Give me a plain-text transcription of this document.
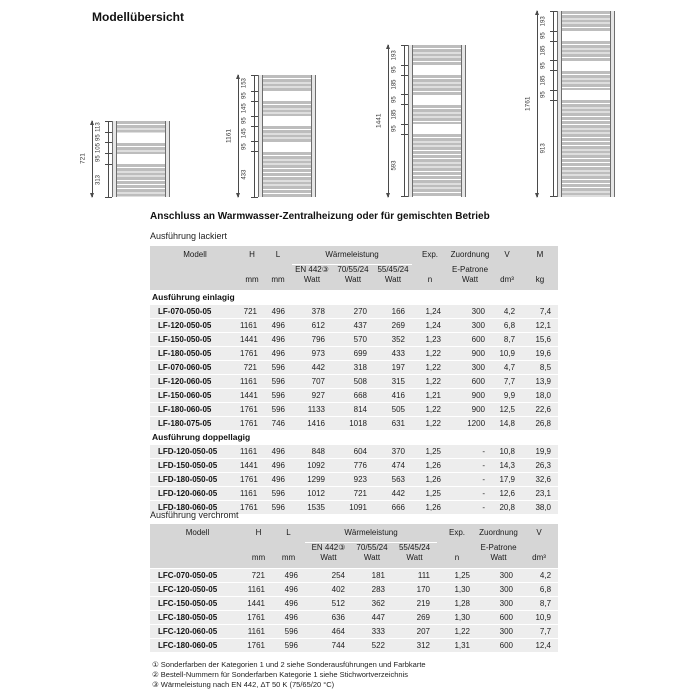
Modellübersicht
721
113
95
105
95
313
1161
153
95
145
95
145
95
433
1441
193
95
185
95
185
95
593
1761
193
95
185
95
185
95
913
Anschluss an Warmwasser-Zentralheizung oder für gemischten Betrieb
Ausführung lackiert
Modell	H	L	Wärmeleistung			Exp.	Zuordnung	V	M
			EN 442③	70/55/24	55/45/24		E-Patrone		
	mm	mm	Watt	Watt	Watt	n	Watt	dm³	kg
Ausführung einlagig									
LF-070-050-05	721	496	378	270	166	1,24	300	4,2	7,4
LF-120-050-05	1161	496	612	437	269	1,24	300	6,8	12,1
LF-150-050-05	1441	496	796	570	352	1,23	600	8,7	15,6
LF-180-050-05	1761	496	973	699	433	1,22	900	10,9	19,6
LF-070-060-05	721	596	442	318	197	1,22	300	4,7	8,5
LF-120-060-05	1161	596	707	508	315	1,22	600	7,7	13,9
LF-150-060-05	1441	596	927	668	416	1,21	900	9,9	18,0
LF-180-060-05	1761	596	1133	814	505	1,22	900	12,5	22,6
LF-180-075-05	1761	746	1416	1018	631	1,22	1200	14,8	26,8
Ausführung doppellagig									
LFD-120-050-05	1161	496	848	604	370	1,25	-	10,8	19,9
LFD-150-050-05	1441	496	1092	776	474	1,26	-	14,3	26,3
LFD-180-050-05	1761	496	1299	923	563	1,26	-	17,9	32,6
LFD-120-060-05	1161	596	1012	721	442	1,25	-	12,6	23,1
LFD-180-060-05	1761	596	1535	1091	666	1,26	-	20,8	38,0
Ausführung verchromt
Modell	H	L	Wärmeleistung			Exp.	Zuordnung	V
			EN 442③	70/55/24	55/45/24		E-Patrone	
	mm	mm	Watt	Watt	Watt	n	Watt	dm³
LFC-070-050-05	721	496	254	181	111	1,25	300	4,2
LFC-120-050-05	1161	496	402	283	170	1,30	300	6,8
LFC-150-050-05	1441	496	512	362	219	1,28	300	8,7
LFC-180-050-05	1761	496	636	447	269	1,30	600	10,9
LFC-120-060-05	1161	596	464	333	207	1,22	300	7,7
LFC-180-060-05	1761	596	744	522	312	1,31	600	12,4
① Sonderfarben der Kategorien 1 und 2 siehe Sonderausführungen und Farbkarte
② Bestell-Nummern für Sonderfarben Kategorie 1 siehe Stichwortverzeichnis
③ Wärmeleistung nach EN 442, ΔT 50 K (75/65/20 °C)
